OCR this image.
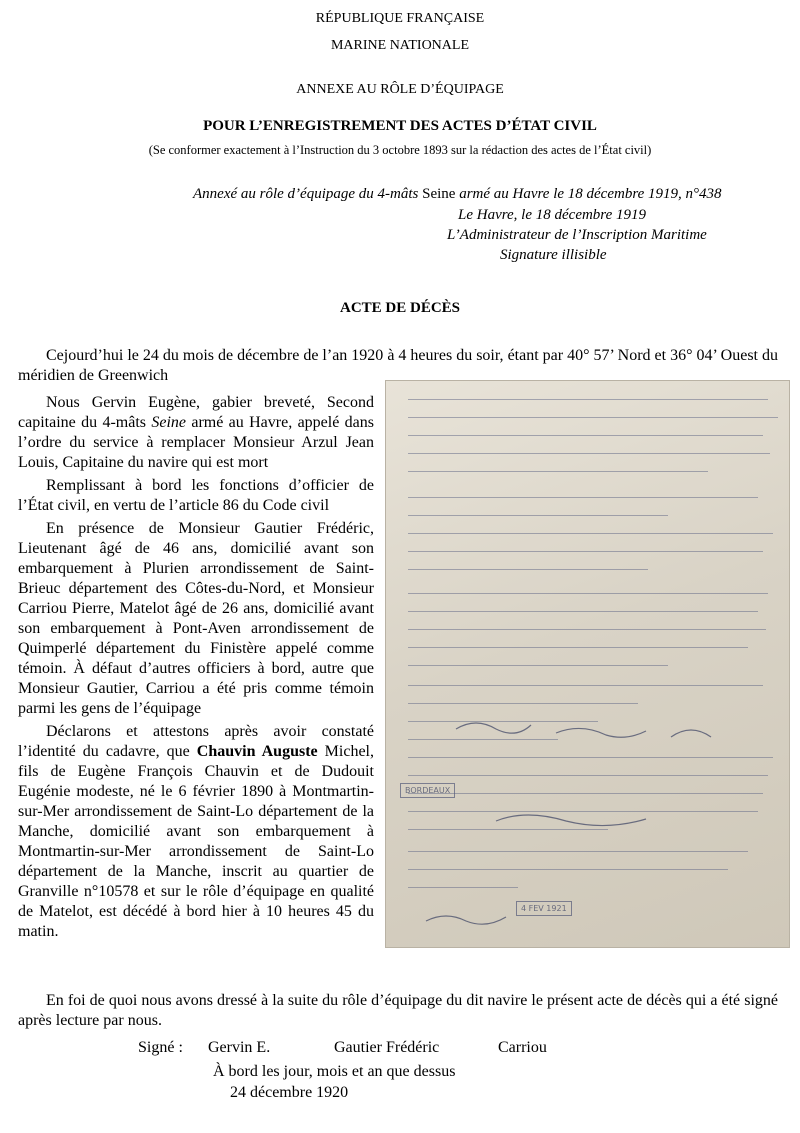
RÉPUBLIQUE FRANÇAISE
MARINE NATIONALE
ANNEXE AU RÔLE D’ÉQUIPAGE
POUR L’ENREGISTREMENT DES ACTES D’ÉTAT CIVIL
(Se conformer exactement à l’Instruction du 3 octobre 1893 sur la rédaction des actes de l’État civil)
Annexé au rôle d’équipage du 4-mâts Seine armé au Havre le 18 décembre 1919, n°438
Le Havre, le 18 décembre 1919
L’Administrateur de l’Inscription Maritime
Signature illisible
ACTE DE DÉCÈS

Cejourd’hui le 24 du mois de décembre de l’an 1920 à 4 heures du soir, étant par 40° 57’ Nord et 36° 04’ Ouest du méridien de Greenwich

Nous Gervin Eugène, gabier breveté, Second capitaine du 4-mâts Seine armé au Havre, appelé dans l’ordre du service à remplacer Monsieur Arzul Jean Louis, Capitaine du navire qui est mort

Remplissant à bord les fonctions d’officier de l’État civil, en vertu de l’article 86 du Code civil

En présence de Monsieur Gautier Frédéric, Lieutenant âgé de 46 ans, domicilié avant son embarquement à Plurien arrondissement de Saint-Brieuc département des Côtes-du-Nord, et Monsieur Carriou Pierre, Matelot âgé de 26 ans, domicilié avant son embarquement à Pont-Aven arrondissement de Quimperlé département du Finistère appelé comme témoin. À défaut d’autres officiers à bord, autre que Monsieur Gautier, Carriou a été pris comme témoin parmi les gens de l’équipage

Déclarons et attestons après avoir constaté l’identité du cadavre, que Chauvin Auguste Michel, fils de Eugène François Chauvin et de Dudouit Eugénie modeste, né le 6 février 1890 à Montmartin-sur-Mer arrondissement de Saint-Lo département de la Manche, domicilié avant son embarquement à Montmartin-sur-Mer arrondissement de Saint-Lo département de la Manche, inscrit au quartier de Granville n°10578 et sur le rôle d’équipage en qualité de Matelot, est décédé à bord hier à 10 heures 45 du matin.

BORDEAUX
4 FEV 1921

En foi de quoi nous avons dressé à la suite du rôle d’équipage du dit navire le présent acte de décès qui a été signé après lecture par nous.

Signé : Gervin E.	Gautier Frédéric	Carriou
À bord les jour, mois et an que dessus
24 décembre 1920
